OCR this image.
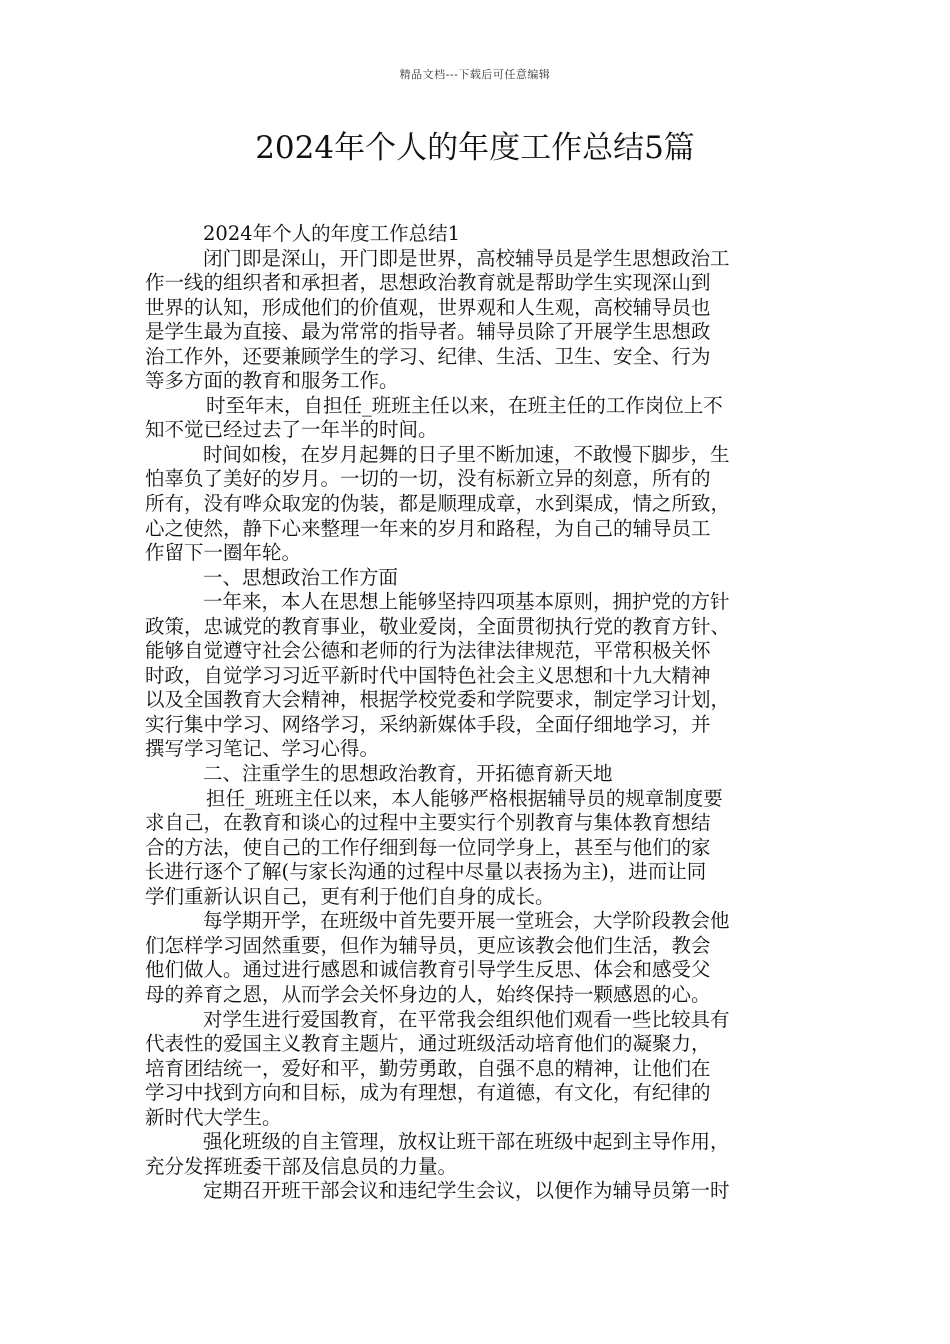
精品文档---下载后可任意编辑
2024年个人的年度工作总结5篇
2024年个人的年度工作总结1
闭门即是深山，开门即是世界，高校辅导员是学生思想政治工
作一线的组织者和承担者，思想政治教育就是帮助学生实现深山到
世界的认知，形成他们的价值观，世界观和人生观，高校辅导员也
是学生最为直接、最为常常的指导者。辅导员除了开展学生思想政
治工作外，还要兼顾学生的学习、纪律、生活、卫生、安全、行为
等多方面的教育和服务工作。
时至年末，自担任_班班主任以来，在班主任的工作岗位上不
知不觉已经过去了一年半的时间。
时间如梭，在岁月起舞的日子里不断加速，不敢慢下脚步，生
怕辜负了美好的岁月。一切的一切，没有标新立异的刻意，所有的
所有，没有哗众取宠的伪装，都是顺理成章，水到渠成，情之所致，
心之使然，静下心来整理一年来的岁月和路程，为自己的辅导员工
作留下一圈年轮。
一、思想政治工作方面
一年来，本人在思想上能够坚持四项基本原则，拥护党的方针
政策，忠诚党的教育事业，敬业爱岗，全面贯彻执行党的教育方针、
能够自觉遵守社会公德和老师的行为法律法律规范，平常积极关怀
时政，自觉学习习近平新时代中国特色社会主义思想和十九大精神
以及全国教育大会精神，根据学校党委和学院要求，制定学习计划，
实行集中学习、网络学习，采纳新媒体手段，全面仔细地学习，并
撰写学习笔记、学习心得。
二、注重学生的思想政治教育，开拓德育新天地
担任_班班主任以来，本人能够严格根据辅导员的规章制度要
求自己，在教育和谈心的过程中主要实行个别教育与集体教育想结
合的方法，使自己的工作仔细到每一位同学身上，甚至与他们的家
长进行逐个了解(与家长沟通的过程中尽量以表扬为主)，进而让同
学们重新认识自己，更有利于他们自身的成长。
每学期开学，在班级中首先要开展一堂班会，大学阶段教会他
们怎样学习固然重要，但作为辅导员，更应该教会他们生活，教会
他们做人。通过进行感恩和诚信教育引导学生反思、体会和感受父
母的养育之恩，从而学会关怀身边的人，始终保持一颗感恩的心。
对学生进行爱国教育，在平常我会组织他们观看一些比较具有
代表性的爱国主义教育主题片，通过班级活动培育他们的凝聚力，
培育团结统一，爱好和平，勤劳勇敢，自强不息的精神，让他们在
学习中找到方向和目标，成为有理想，有道德，有文化，有纪律的
新时代大学生。
强化班级的自主管理，放权让班干部在班级中起到主导作用，
充分发挥班委干部及信息员的力量。
定期召开班干部会议和违纪学生会议，以便作为辅导员第一时
